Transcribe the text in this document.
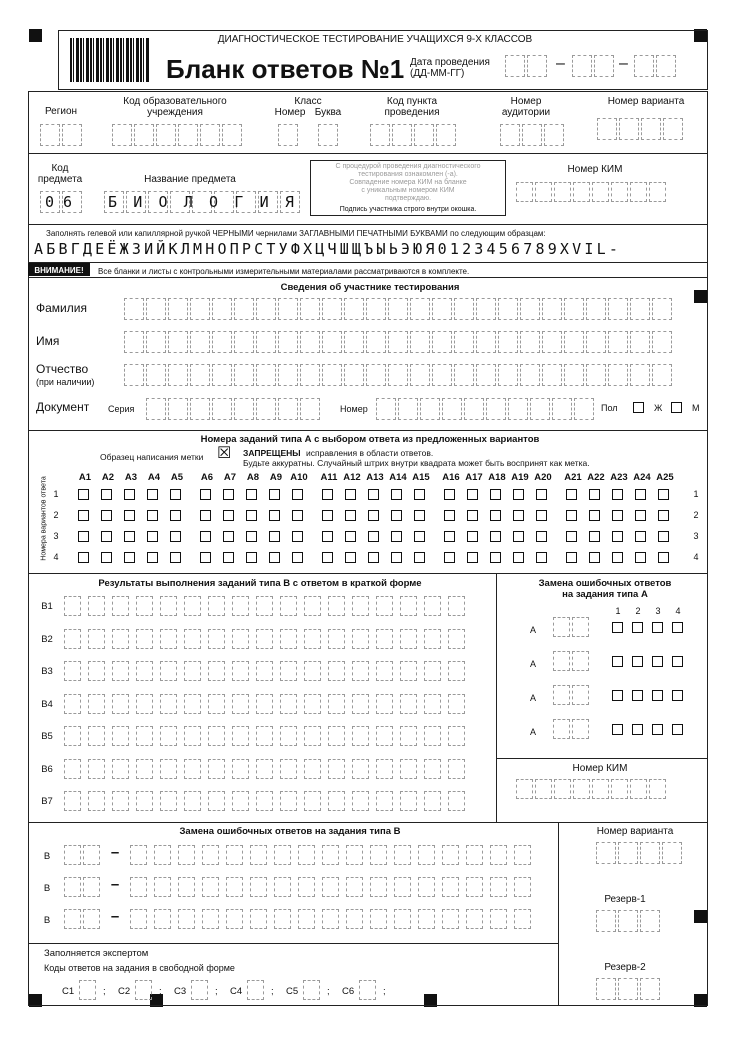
ДИАГНОСТИЧЕСКОЕ ТЕСТИРОВАНИЕ УЧАЩИХСЯ 9-Х КЛАССОВ
Бланк ответов №1 Дата проведения
(ДД-ММ-ГГ)
–	–
Регион
Код образовательного учреждения
Класс
Номер Буква
Код пункта проведения
Номер аудитории
Номер варианта
Код предмета
0 6
Название предмета
Б И О Л О Г И Я
С процедурой проведения диагностического
тестирования ознакомлен (-а).
Совпадение номера КИМ на бланке
с уникальным номером КИМ
подтверждаю.
Подпись участника строго внутри окошка.
Номер КИМ
Заполнять гелевой или капиллярной ручкой ЧЕРНЫМИ чернилами ЗАГЛАВНЫМИ ПЕЧАТНЫМИ БУКВАМИ по следующим образцам:
АБВГДЕЁЖЗИЙКЛМНОПРСТУФХЦЧШЩЪЫЬЭЮЯ0123456789XVIL-
ВНИМАНИЕ!	Все бланки и листы с контрольными измерительными материалами рассматриваются в комплекте.
Сведения об участнике тестирования
Фамилия
Имя
Отчество
(при наличии)
Документ Серия	Номер	Пол	Ж	М
Номера заданий типа А с выбором ответа из предложенных вариантов
Образец написания метки ☒ ЗАПРЕЩЕНЫ исправления в области ответов.
Будьте аккуратны. Случайный штрих внутри квадрата может быть воспринят как метка.
Номера вариантов ответа	A1	A2	A3	A4	A5	A6	A7	A8	A9 A10	A11 A12 A13 A14 A15	A16 A17 A18 A19 A20	A21 A22 A23 A24 A25
1	1
2	2
3	3
4	4
Результаты выполнения заданий типа В с ответом в краткой форме
B1
B2
B3
B4
B5
B6
B7
Замена ошибочных ответов
на задания типа А
1	2	3	4
А
А
А
А
Номер КИМ
Замена ошибочных ответов на задания типа В
В	–
В	–
В	–
Номер варианта
Резерв-1
Резерв-2
Заполняется экспертом
Коды ответов на задания в свободной форме
C1	; C2	; C3	; C4	; C5	; C6	;
